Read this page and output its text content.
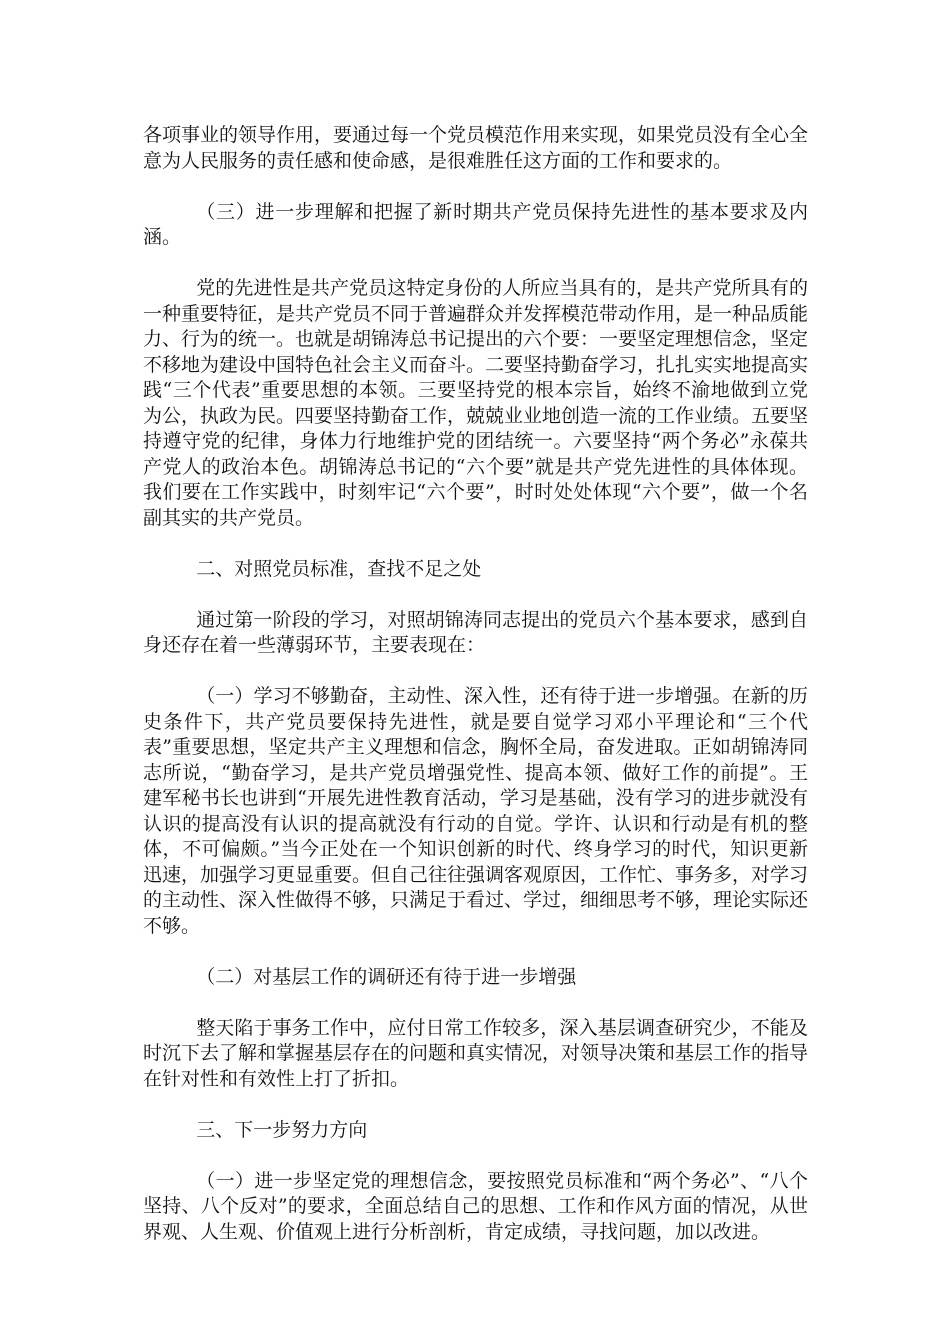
各项事业的领导作用，要通过每一个党员模范作用来实现，如果党员没有全心全意为人民服务的责任感和使命感，是很难胜任这方面的工作和要求的。

（三）进一步理解和把握了新时期共产党员保持先进性的基本要求及内涵。

党的先进性是共产党员这特定身份的人所应当具有的，是共产党所具有的一种重要特征，是共产党员不同于普遍群众并发挥模范带动作用，是一种品质能力、行为的统一。也就是胡锦涛总书记提出的六个要：一要坚定理想信念，坚定不移地为建设中国特色社会主义而奋斗。二要坚持勤奋学习，扎扎实实地提高实践“三个代表”重要思想的本领。三要坚持党的根本宗旨，始终不渝地做到立党为公，执政为民。四要坚持勤奋工作，兢兢业业地创造一流的工作业绩。五要坚持遵守党的纪律，身体力行地维护党的团结统一。六要坚持“两个务必”永葆共产党人的政治本色。胡锦涛总书记的“六个要”就是共产党先进性的具体体现。我们要在工作实践中，时刻牢记“六个要”，时时处处体现“六个要”，做一个名副其实的共产党员。

二、对照党员标准，查找不足之处

通过第一阶段的学习，对照胡锦涛同志提出的党员六个基本要求，感到自身还存在着一些薄弱环节，主要表现在：

（一）学习不够勤奋，主动性、深入性，还有待于进一步增强。在新的历史条件下，共产党员要保持先进性，就是要自觉学习邓小平理论和“三个代表”重要思想，坚定共产主义理想和信念，胸怀全局，奋发进取。正如胡锦涛同志所说，“勤奋学习，是共产党员增强党性、提高本领、做好工作的前提”。王建军秘书长也讲到“开展先进性教育活动，学习是基础，没有学习的进步就没有认识的提高没有认识的提高就没有行动的自觉。学许、认识和行动是有机的整体，不可偏颇。”当今正处在一个知识创新的时代、终身学习的时代，知识更新迅速，加强学习更显重要。但自己往往强调客观原因，工作忙、事务多，对学习的主动性、深入性做得不够，只满足于看过、学过，细细思考不够，理论实际还不够。

（二）对基层工作的调研还有待于进一步增强

整天陷于事务工作中，应付日常工作较多，深入基层调查研究少，不能及时沉下去了解和掌握基层存在的问题和真实情况，对领导决策和基层工作的指导在针对性和有效性上打了折扣。

三、下一步努力方向

（一）进一步坚定党的理想信念，要按照党员标准和“两个务必”、“八个坚持、八个反对”的要求，全面总结自己的思想、工作和作风方面的情况，从世界观、人生观、价值观上进行分析剖析，肯定成绩，寻找问题，加以改进。
